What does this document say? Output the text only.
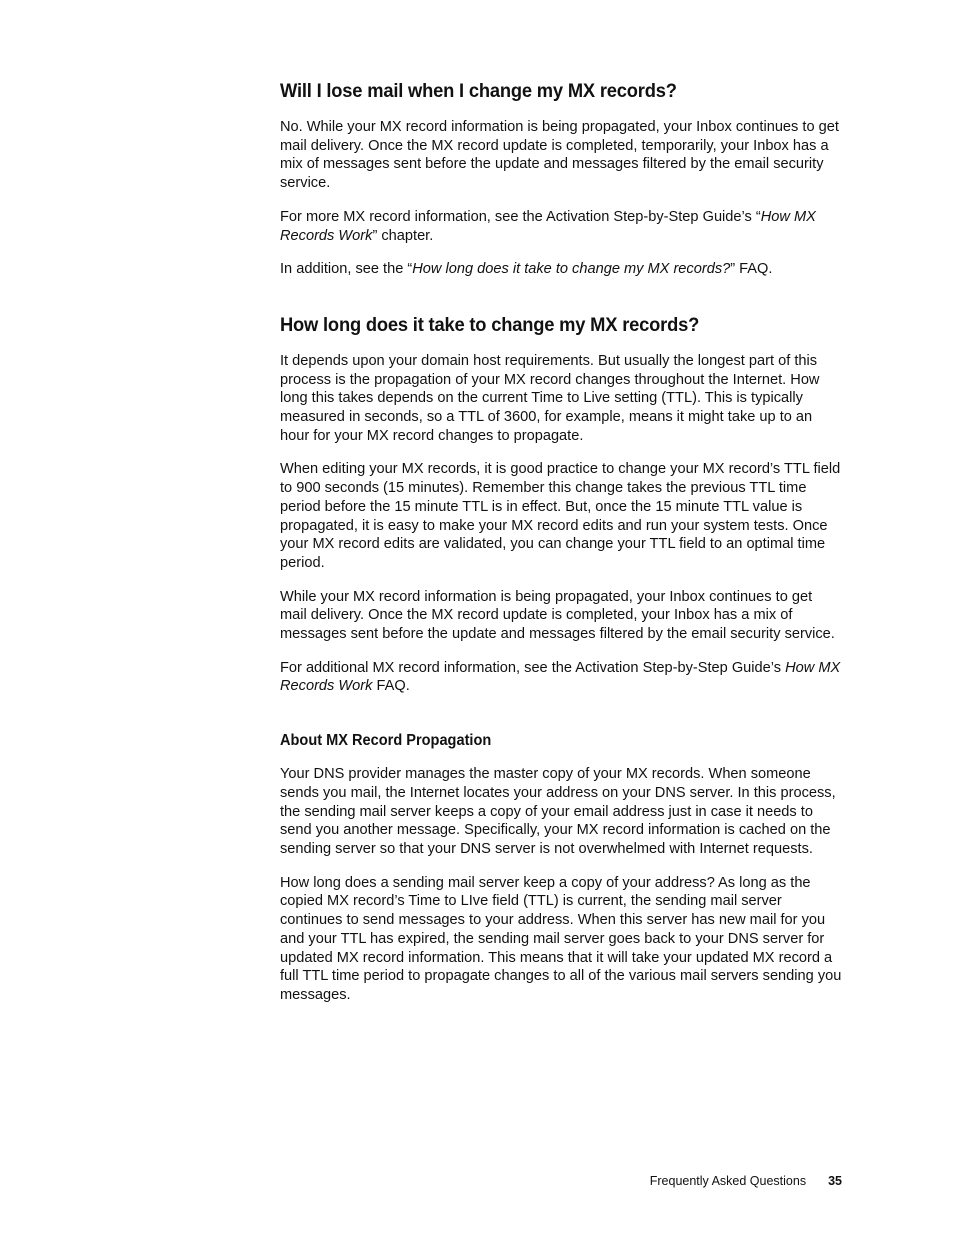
Will I lose mail when I change my MX records?

No. While your MX record information is being propagated, your Inbox continues to get mail delivery. Once the MX record update is completed, temporarily, your Inbox has a mix of messages sent before the update and messages filtered by the email security service.

For more MX record information, see the Activation Step-by-Step Guide’s “How MX Records Work” chapter.

In addition, see the “How long does it take to change my MX records?” FAQ.

How long does it take to change my MX records?

It depends upon your domain host requirements. But usually the longest part of this process is the propagation of your MX record changes throughout the Internet. How long this takes depends on the current Time to Live setting (TTL). This is typically measured in seconds, so a TTL of 3600, for example, means it might take up to an hour for your MX record changes to propagate.

When editing your MX records, it is good practice to change your MX record’s TTL field to 900 seconds (15 minutes). Remember this change takes the previous TTL time period before the 15 minute TTL is in effect. But, once the 15 minute TTL value is propagated, it is easy to make your MX record edits and run your system tests. Once your MX record edits are validated, you can change your TTL field to an optimal time period.

While your MX record information is being propagated, your Inbox continues to get mail delivery. Once the MX record update is completed, your Inbox has a mix of messages sent before the update and messages filtered by the email security service.

For additional MX record information, see the Activation Step-by-Step Guide’s How MX Records Work FAQ.

About MX Record Propagation

Your DNS provider manages the master copy of your MX records. When someone sends you mail, the Internet locates your address on your DNS server. In this process, the sending mail server keeps a copy of your email address just in case it needs to send you another message. Specifically, your MX record information is cached on the sending server so that your DNS server is not overwhelmed with Internet requests.

How long does a sending mail server keep a copy of your address? As long as the copied MX record’s Time to LIve field (TTL) is current, the sending mail server continues to send messages to your address. When this server has new mail for you and your TTL has expired, the sending mail server goes back to your DNS server for updated MX record information. This means that it will take your updated MX record a full TTL time period to propagate changes to all of the various mail servers sending you messages.

Frequently Asked Questions 35
